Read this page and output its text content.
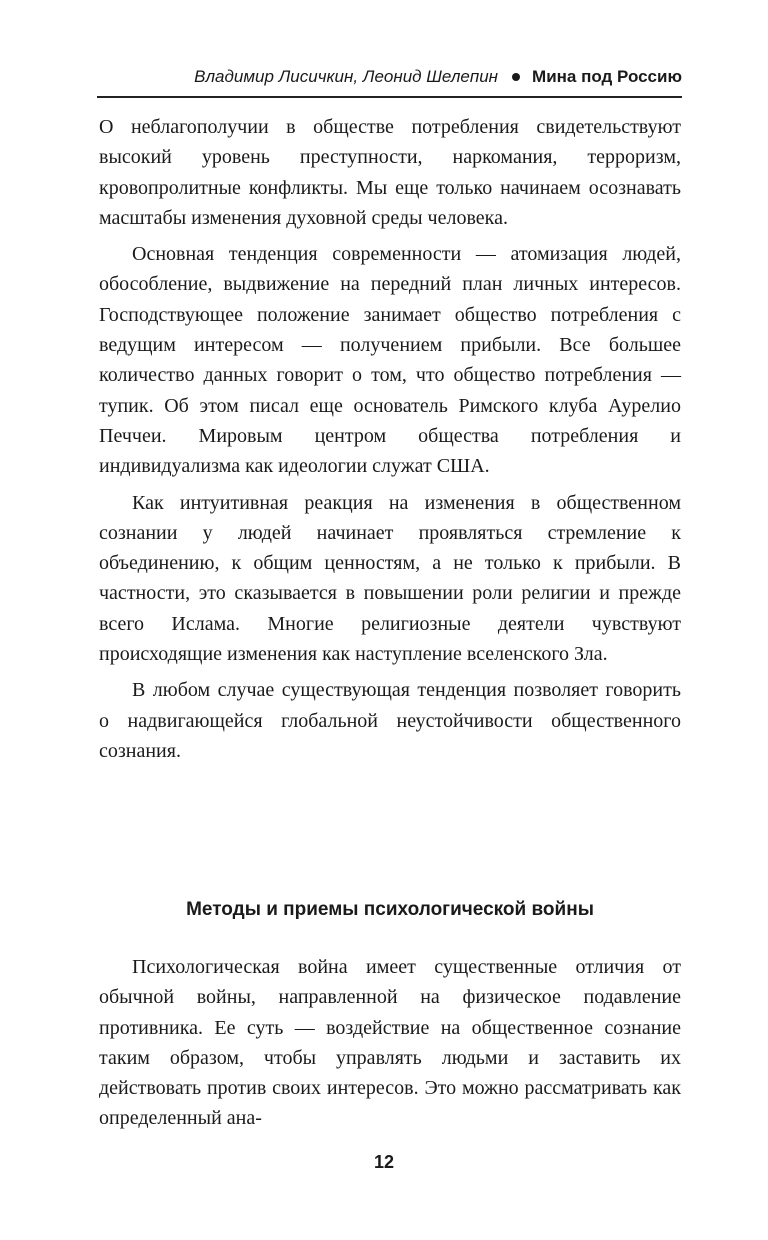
Владимир Лисичкин, Леонид Шелепин Мина под Россию

О неблагополучии в обществе потребления свидетельствуют высокий уровень преступности, наркомания, терроризм, кровопролитные конфликты. Мы еще только начинаем осознавать масштабы изменения духовной среды человека.

Основная тенденция современности — атомизация людей, обособление, выдвижение на передний план личных интересов. Господствующее положение занимает общество потребления с ведущим интересом — получением прибыли. Все большее количество данных говорит о том, что общество потребления — тупик. Об этом писал еще основатель Римского клуба Аурелио Печчеи. Мировым центром общества потребления и индивидуализма как идеологии служат США.

Как интуитивная реакция на изменения в общественном сознании у людей начинает проявляться стремление к объединению, к общим ценностям, а не только к прибыли. В частности, это сказывается в повышении роли религии и прежде всего Ислама. Многие религиозные деятели чувствуют происходящие изменения как наступление вселенского Зла.

В любом случае существующая тенденция позволяет говорить о надвигающейся глобальной неустойчивости общественного сознания.

Методы и приемы психологической войны

Психологическая война имеет существенные отличия от обычной войны, направленной на физическое подавление противника. Ее суть — воздействие на общественное сознание таким образом, чтобы управлять людьми и заставить их действовать против своих интересов. Это можно рассматривать как определенный ана-

12
